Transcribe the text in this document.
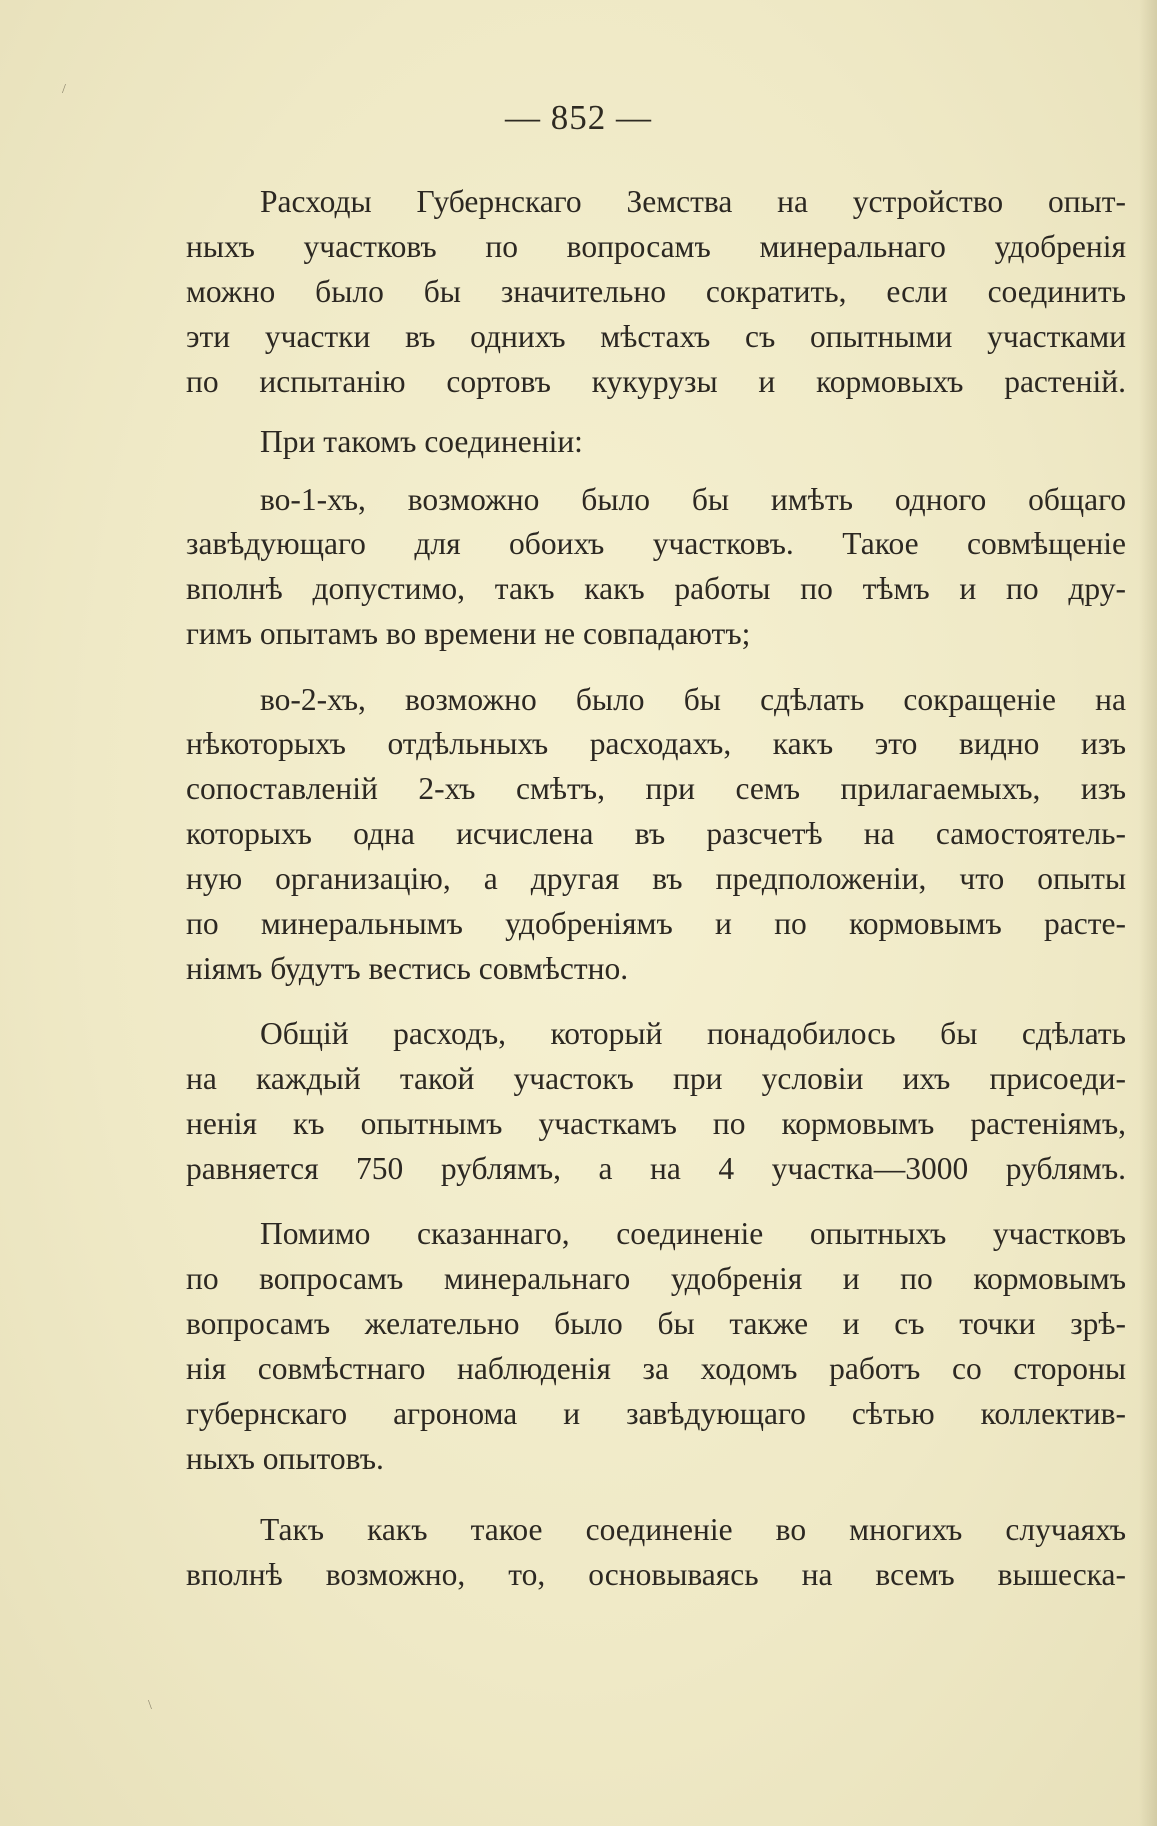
— 852 —
Расходы Губернскаго Земства на устройство опыт-
ныхъ участковъ по вопросамъ минеральнаго удобренія
можно было бы значительно сократить, если соединить
эти участки въ однихъ мѣстахъ съ опытными участками
по испытанію сортовъ кукурузы и кормовыхъ растеній.
При такомъ соединеніи:
во-1-хъ, возможно было бы имѣть одного общаго
завѣдующаго для обоихъ участковъ. Такое совмѣщеніе
вполнѣ допустимо, такъ какъ работы по тѣмъ и по дру-
гимъ опытамъ во времени не совпадаютъ;
во-2-хъ, возможно было бы сдѣлать сокращеніе на
нѣкоторыхъ отдѣльныхъ расходахъ, какъ это видно изъ
сопоставленій 2-хъ смѣтъ, при семъ прилагаемыхъ, изъ
которыхъ одна исчислена въ разсчетѣ на самостоятель-
ную организацію, а другая въ предположеніи, что опыты
по минеральнымъ удобреніямъ и по кормовымъ расте-
ніямъ будутъ вестись совмѣстно.
Общій расходъ, который понадобилось бы сдѣлать
на каждый такой участокъ при условіи ихъ присоеди-
ненія къ опытнымъ участкамъ по кормовымъ растеніямъ,
равняется 750 рублямъ, а на 4 участка—3000 рублямъ.
Помимо сказаннаго, соединеніе опытныхъ участковъ
по вопросамъ минеральнаго удобренія и по кормовымъ
вопросамъ желательно было бы также и съ точки зрѣ-
нія совмѣстнаго наблюденія за ходомъ работъ со стороны
губернскаго агронома и завѣдующаго сѣтью коллектив-
ныхъ опытовъ.
Такъ какъ такое соединеніе во многихъ случаяхъ
вполнѣ возможно, то, основываясь на всемъ вышеска-
/
\
